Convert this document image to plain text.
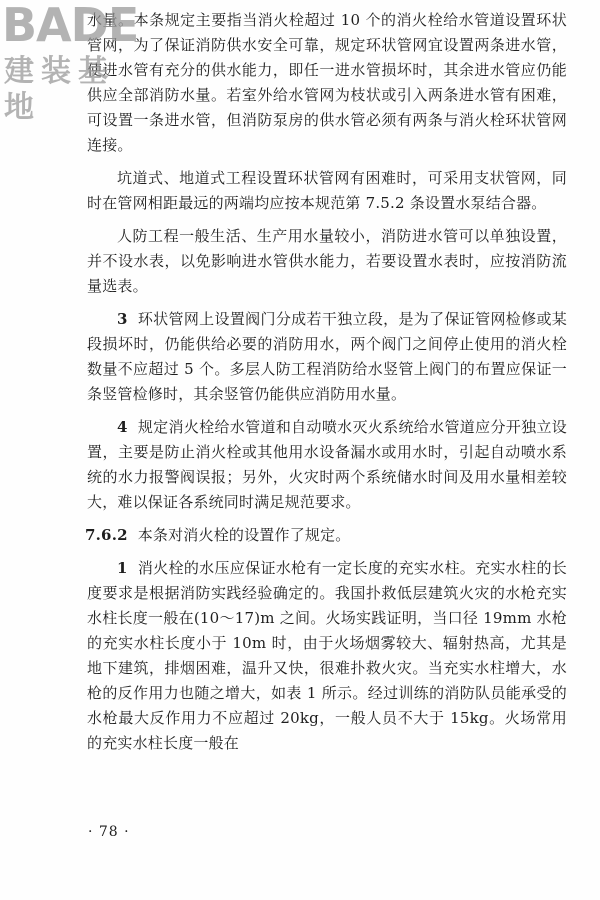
BADE
建装基地

水量。本条规定主要指当消火栓超过 10 个的消火栓给水管道设置环状管网，为了保证消防供水安全可靠，规定环状管网宜设置两条进水管，使进水管有充分的供水能力，即任一进水管损坏时，其余进水管应仍能供应全部消防水量。若室外给水管网为枝状或引入两条进水管有困难，可设置一条进水管，但消防泵房的供水管必须有两条与消火栓环状管网连接。

坑道式、地道式工程设置环状管网有困难时，可采用支状管网，同时在管网相距最远的两端均应按本规范第 7.5.2 条设置水泵结合器。

人防工程一般生活、生产用水量较小，消防进水管可以单独设置，并不设水表，以免影响进水管供水能力，若要设置水表时，应按消防流量选表。

3 环状管网上设置阀门分成若干独立段，是为了保证管网检修或某段损坏时，仍能供给必要的消防用水，两个阀门之间停止使用的消火栓数量不应超过 5 个。多层人防工程消防给水竖管上阀门的布置应保证一条竖管检修时，其余竖管仍能供应消防用水量。

4 规定消火栓给水管道和自动喷水灭火系统给水管道应分开独立设置，主要是防止消火栓或其他用水设备漏水或用水时，引起自动喷水系统的水力报警阀误报；另外，火灾时两个系统储水时间及用水量相差较大，难以保证各系统同时满足规范要求。

7.6.2 本条对消火栓的设置作了规定。

1 消火栓的水压应保证水枪有一定长度的充实水柱。充实水柱的长度要求是根据消防实践经验确定的。我国扑救低层建筑火灾的水枪充实水柱长度一般在(10～17)m 之间。火场实践证明，当口径 19mm 水枪的充实水柱长度小于 10m 时，由于火场烟雾较大、辐射热高，尤其是地下建筑，排烟困难，温升又快，很难扑救火灾。当充实水柱增大，水枪的反作用力也随之增大，如表 1 所示。经过训练的消防队员能承受的水枪最大反作用力不应超过 20kg，一般人员不大于 15kg。火场常用的充实水柱长度一般在

· 78 ·
